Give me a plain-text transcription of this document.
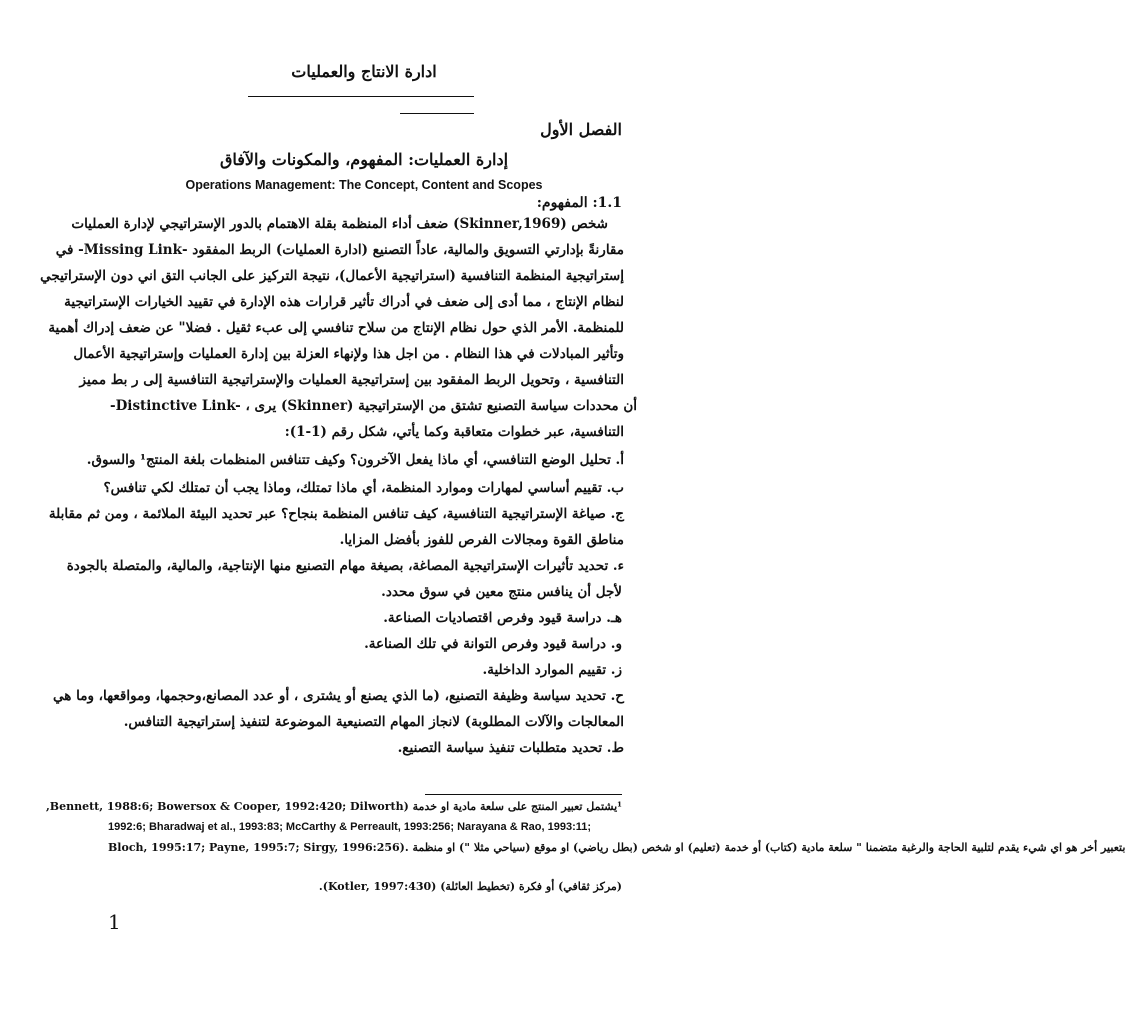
ادارة الانتاج والعمليات
الفصل الأول
إدارة العمليات: المفهوم، والمكونات والآفاق
Operations Management: The Concept, Content and Scopes
1.1: المفهوم:
شخص (Skinner,1969) ضعف أداء المنظمة بقلة الاهتمام بالدور الإستراتيجي لإدارة العمليات
مقارنةً بإدارتي التسويق والمالية، عاداً التصنيع (ادارة العمليات) الربط المفقود -Missing Link- في
إستراتيجية المنظمة التنافسية (استراتيجية الأعمال)، نتيجة التركيز على الجانب التق اني دون الإستراتيجي
لنظام الإنتاج ، مما أدى إلى ضعف في أدراك تأثير قرارات هذه الإدارة في تقييد الخيارات الإستراتيجية
للمنظمة. الأمر الذي حول نظام الإنتاج من سلاح تنافسي إلى عبء ثقيل . فضلا" عن ضعف إدراك أهمية
وتأثير المبادلات في هذا النظام . من اجل هذا ولإنهاء العزلة بين إدارة العمليات وإستراتيجية الأعمال
التنافسية ، وتحويل الربط المفقود بين إستراتيجية العمليات والإستراتيجية التنافسية إلى ر بط مميز
-Distinctive Link- ، يرى (Skinner) أن محددات سياسة التصنيع تشتق من الإستراتيجية
التنافسية، عبر خطوات متعاقبة وكما يأتي، شكل رقم (1-1):
أ. تحليل الوضع التنافسي، أي ماذا يفعل الآخرون؟ وكيف تتنافس المنظمات بلغة المنتج¹ والسوق.
ب. تقييم أساسي لمهارات وموارد المنظمة، أي ماذا تمتلك، وماذا يجب أن تمتلك لكي تنافس؟
ج. صياغة الإستراتيجية التنافسية، كيف تنافس المنظمة بنجاح؟ عبر تحديد البيئة الملائمة ، ومن ثم مقابلة
مناطق القوة ومجالات الفرص للفوز بأفضل المزايا.
ء. تحديد تأثيرات الإستراتيجية المصاغة، بصيغة مهام التصنيع منها الإنتاجية، والمالية، والمتصلة بالجودة
لأجل أن ينافس منتج معين في سوق محدد.
هـ. دراسة قيود وفرص اقتصاديات الصناعة.
و. دراسة قيود وفرص التوانة في تلك الصناعة.
ز. تقييم الموارد الداخلية.
ح. تحديد سياسة وظيفة التصنيع، (ما الذي يصنع أو يشترى ، أو عدد المصانع،وحجمها، ومواقعها، وما هي
المعالجات والآلات المطلوبة) لانجاز المهام التصنيعية الموضوعة لتنفيذ إستراتيجية التنافس.
ط. تحديد متطلبات تنفيذ سياسة التصنيع.
¹يشتمل تعبير المنتج على سلعة مادية او خدمة (Bennett, 1988:6; Bowersox & Cooper, 1992:420; Dilworth,
1992:6; Bharadwaj et al., 1993:83; McCarthy & Perreault, 1993:256; Narayana & Rao, 1993:11;
Bloch, 1995:17; Payne, 1995:7; Sirgy, 1996:256). بتعبير أخر هو اي شيء يقدم لتلبية الحاجة والرغبة متضمنا " سلعة مادية (كتاب) أو خدمة (تعليم) او شخص (بطل رياضي) او موقع (سياحي مثلا ") او منظمة
(مركز ثقافي) أو فكرة (تخطيط العائلة) (Kotler, 1997:430).
1
